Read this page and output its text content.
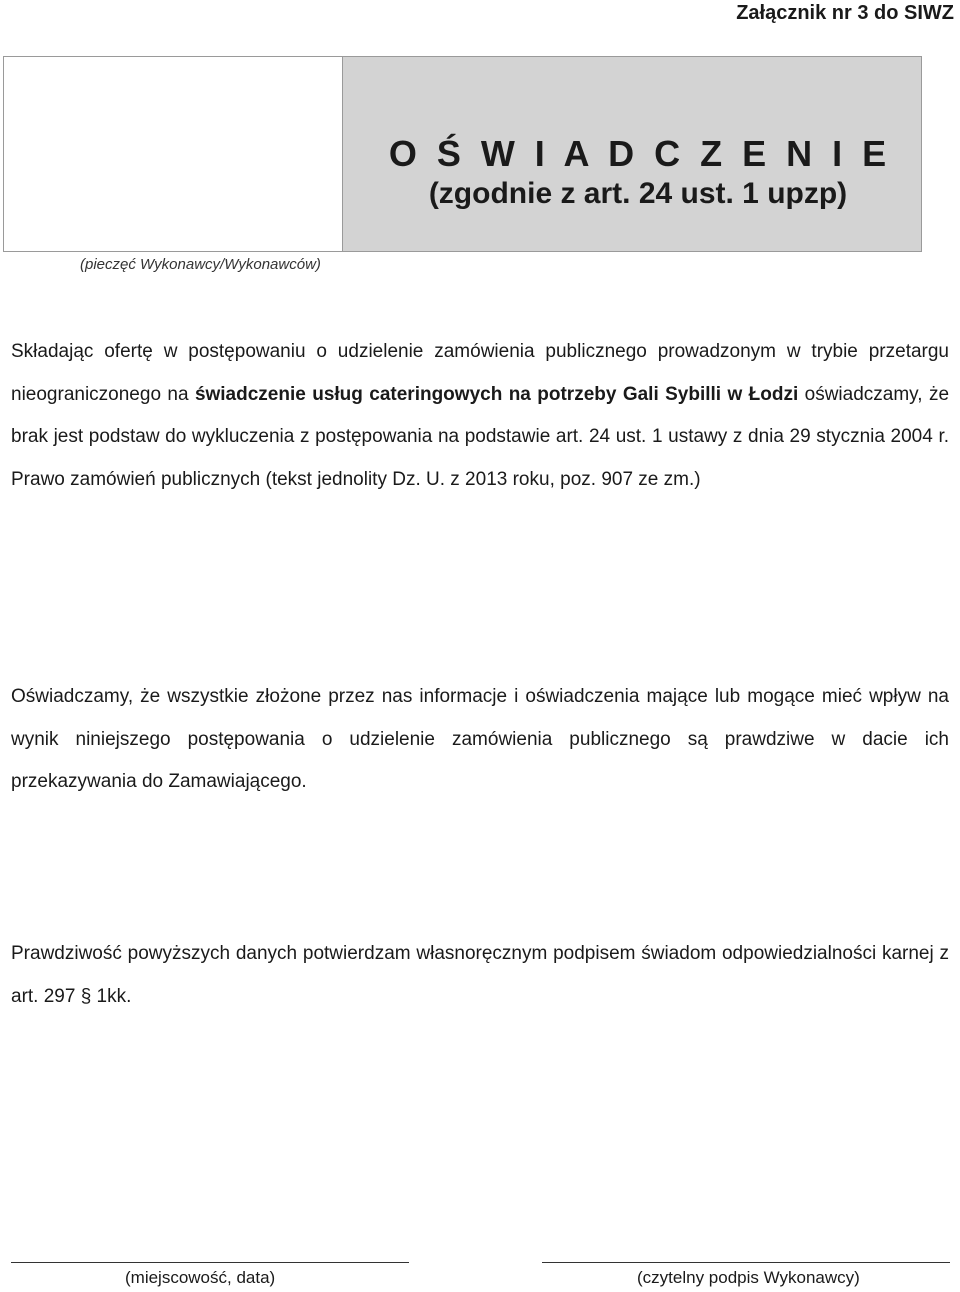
Załącznik nr 3 do SIWZ
O Ś W I A D C Z E N I E
(zgodnie z art. 24 ust. 1 upzp)
(pieczęć Wykonawcy/Wykonawców)

Składając ofertę w postępowaniu o udzielenie zamówienia publicznego prowadzonym w trybie przetargu nieograniczonego na świadczenie usług cateringowych na potrzeby Gali Sybilli w Łodzi oświadczamy, że brak jest podstaw do wykluczenia z postępowania na podstawie art. 24 ust. 1 ustawy z dnia 29 stycznia 2004 r. Prawo zamówień publicznych (tekst jednolity Dz. U. z 2013 roku, poz. 907 ze zm.)

Oświadczamy, że wszystkie złożone przez nas informacje i oświadczenia mające lub mogące mieć wpływ na wynik niniejszego postępowania o udzielenie zamówienia publicznego są prawdziwe w dacie ich przekazywania do Zamawiającego.

Prawdziwość powyższych danych potwierdzam własnoręcznym podpisem świadom odpowiedzialności karnej z art. 297 § 1kk.

(miejscowość, data)	(czytelny podpis Wykonawcy)
